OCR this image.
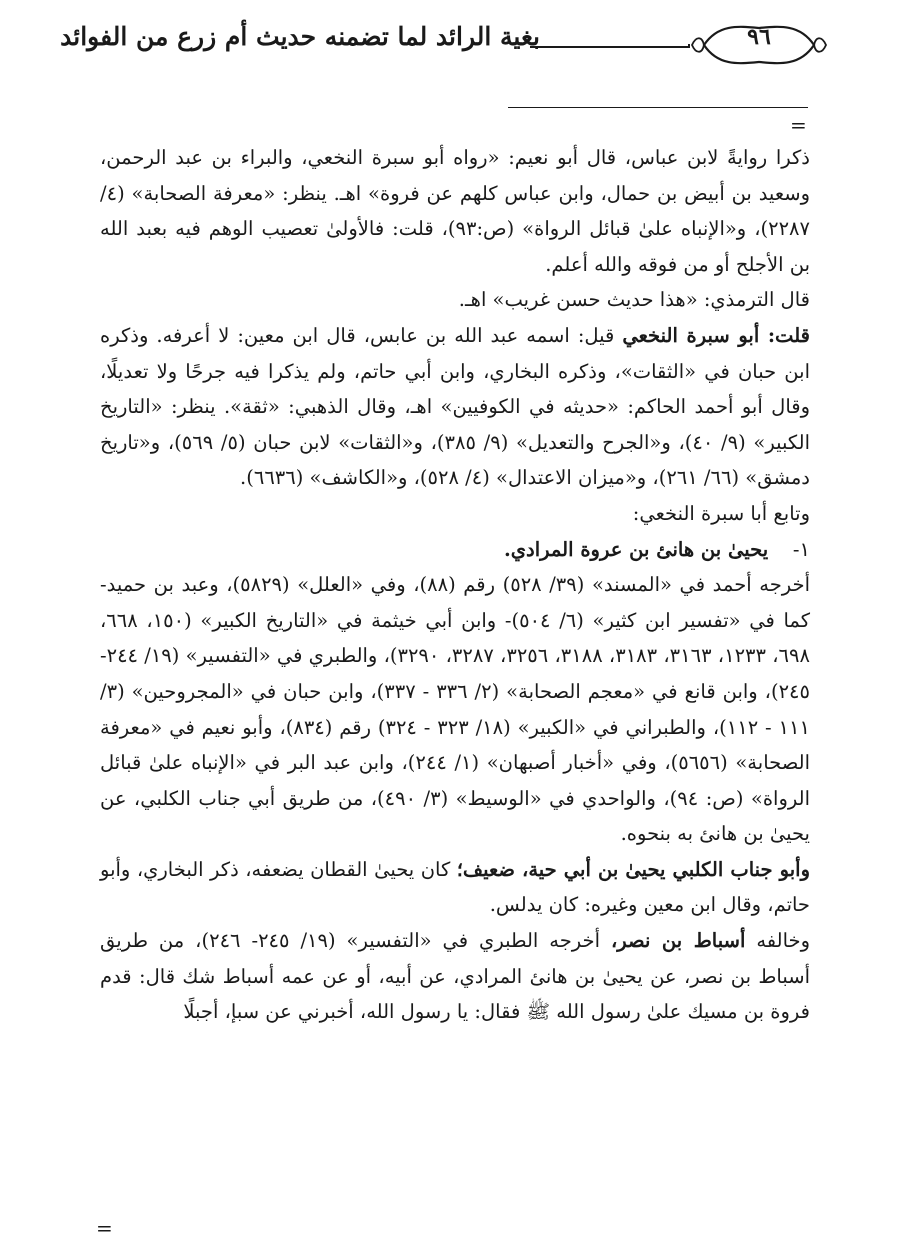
بغية الرائد لما تضمنه حديث أم زرع من الفوائد	٩٦
=

ذكرا روايةً لابن عباس، قال أبو نعيم: «رواه أبو سبرة النخعي، والبراء بن عبد الرحمن، وسعيد بن أبيض بن حمال، وابن عباس كلهم عن فروة» اهـ. ينظر: «معرفة الصحابة» (٤/ ٢٢٨٧)، و«الإنباه علىٰ قبائل الرواة» (ص:٩٣)، قلت: فالأولىٰ تعصيب الوهم فيه بعبد الله بن الأجلح أو من فوقه والله أعلم.

قال الترمذي: «هذا حديث حسن غريب» اهـ.

قلت: أبو سبرة النخعي قيل: اسمه عبد الله بن عابس، قال ابن معين: لا أعرفه. وذكره ابن حبان في «الثقات»، وذكره البخاري، وابن أبي حاتم، ولم يذكرا فيه جرحًا ولا تعديلًا، وقال أبو أحمد الحاكم: «حديثه في الكوفيين» اهـ، وقال الذهبي: «ثقة». ينظر: «التاريخ الكبير» (٩/ ٤٠)، و«الجرح والتعديل» (٩/ ٣٨٥)، و«الثقات» لابن حبان (٥/ ٥٦٩)، و«تاريخ دمشق» (٦٦/ ٢٦١)، و«ميزان الاعتدال» (٤/ ٥٢٨)، و«الكاشف» (٦٦٣٦).

وتابع أبا سبرة النخعي:

١-    يحيىٰ بن هانئ بن عروة المرادي.

أخرجه أحمد في «المسند» (٣٩/ ٥٢٨) رقم (٨٨)، وفي «العلل» (٥٨٢٩)، وعبد بن حميد- كما في «تفسير ابن كثير» (٦/ ٥٠٤)- وابن أبي خيثمة في «التاريخ الكبير» (١٥٠، ٦٦٨، ٦٩٨، ١٢٣٣، ٣١٦٣، ٣١٨٣، ٣١٨٨، ٣٢٥٦، ٣٢٨٧، ٣٢٩٠)، والطبري في «التفسير» (١٩/ ٢٤٤- ٢٤٥)، وابن قانع في «معجم الصحابة» (٢/ ٣٣٦ - ٣٣٧)، وابن حبان في «المجروحين» (٣/ ١١١ - ١١٢)، والطبراني في «الكبير» (١٨/ ٣٢٣ - ٣٢٤) رقم (٨٣٤)، وأبو نعيم في «معرفة الصحابة» (٥٦٥٦)، وفي «أخبار أصبهان» (١/ ٢٤٤)، وابن عبد البر في «الإنباه علىٰ قبائل الرواة» (ص: ٩٤)، والواحدي في «الوسيط» (٣/ ٤٩٠)، من طريق أبي جناب الكلبي، عن يحيىٰ بن هانئ به بنحوه.

وأبو جناب الكلبي يحيىٰ بن أبي حية، ضعيف؛ كان يحيىٰ القطان يضعفه، ذكر البخاري، وأبو حاتم، وقال ابن معين وغيره: كان يدلس.

وخالفه أسباط بن نصر، أخرجه الطبري في «التفسير» (١٩/ ٢٤٥- ٢٤٦)، من طريق أسباط بن نصر، عن يحيىٰ بن هانئ المرادي، عن أبيه، أو عن عمه أسباط شك قال: قدم فروة بن مسيك علىٰ رسول الله ﷺ فقال: يا رسول الله، أخبرني عن سبإ، أجبلًا

=
